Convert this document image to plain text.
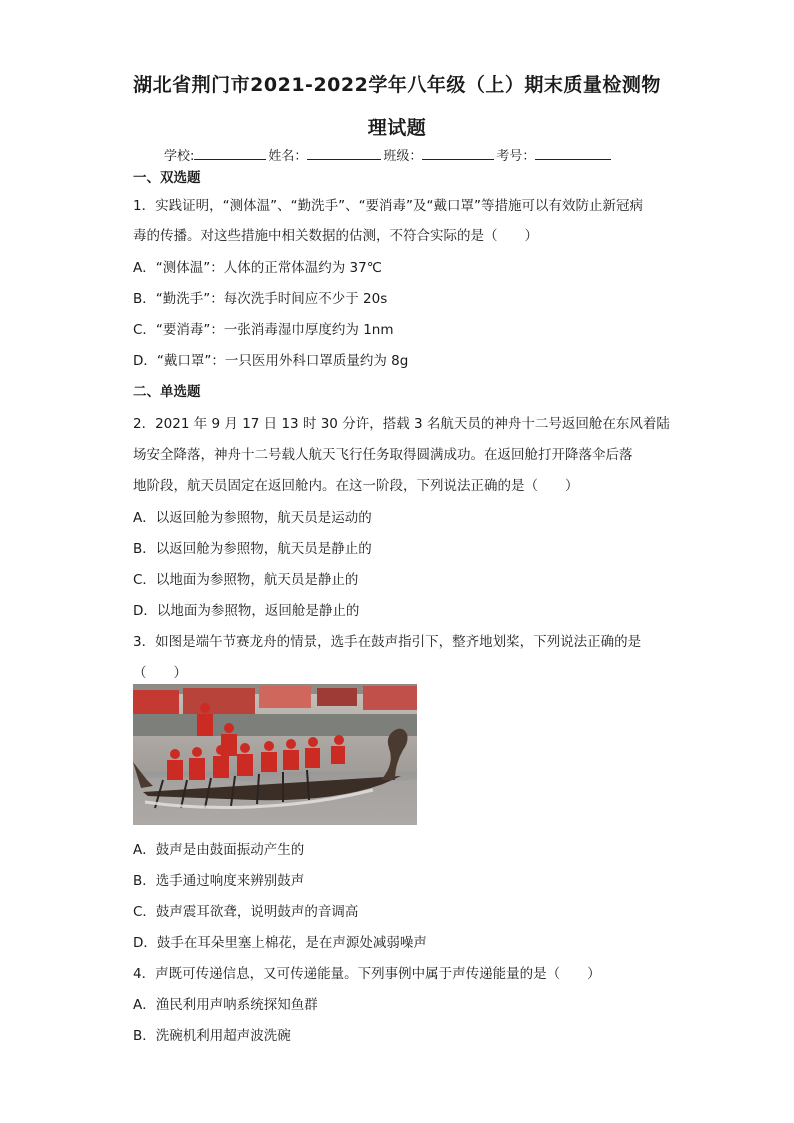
湖北省荆门市2021-2022学年八年级（上）期末质量检测物
理试题
学校:	姓名：	班级：	考号：
一、双选题
1．实践证明，“测体温”、“勤洗手”、“要消毒”及“戴口罩”等措施可以有效防止新冠病
毒的传播。对这些措施中相关数据的估测，不符合实际的是（　　）
A．“测体温”：人体的正常体温约为 37℃
B．“勤洗手”：每次洗手时间应不少于 20s
C．“要消毒”：一张消毒湿巾厚度约为 1nm
D．“戴口罩”：一只医用外科口罩质量约为 8g
二、单选题
2．2021 年 9 月 17 日 13 时 30 分许，搭载 3 名航天员的神舟十二号返回舱在东风着陆
场安全降落，神舟十二号载人航天飞行任务取得圆满成功。在返回舱打开降落伞后落
地阶段，航天员固定在返回舱内。在这一阶段，下列说法正确的是（　　）
A．以返回舱为参照物，航天员是运动的
B．以返回舱为参照物，航天员是静止的
C．以地面为参照物，航天员是静止的
D．以地面为参照物，返回舱是静止的
3．如图是端午节赛龙舟的情景，选手在鼓声指引下，整齐地划桨，下列说法正确的是
（　　）
A．鼓声是由鼓面振动产生的
B．选手通过响度来辨别鼓声
C．鼓声震耳欲聋，说明鼓声的音调高
D．鼓手在耳朵里塞上棉花，是在声源处减弱噪声
4．声既可传递信息，又可传递能量。下列事例中属于声传递能量的是（　　）
A．渔民利用声呐系统探知鱼群
B．洗碗机利用超声波洗碗
